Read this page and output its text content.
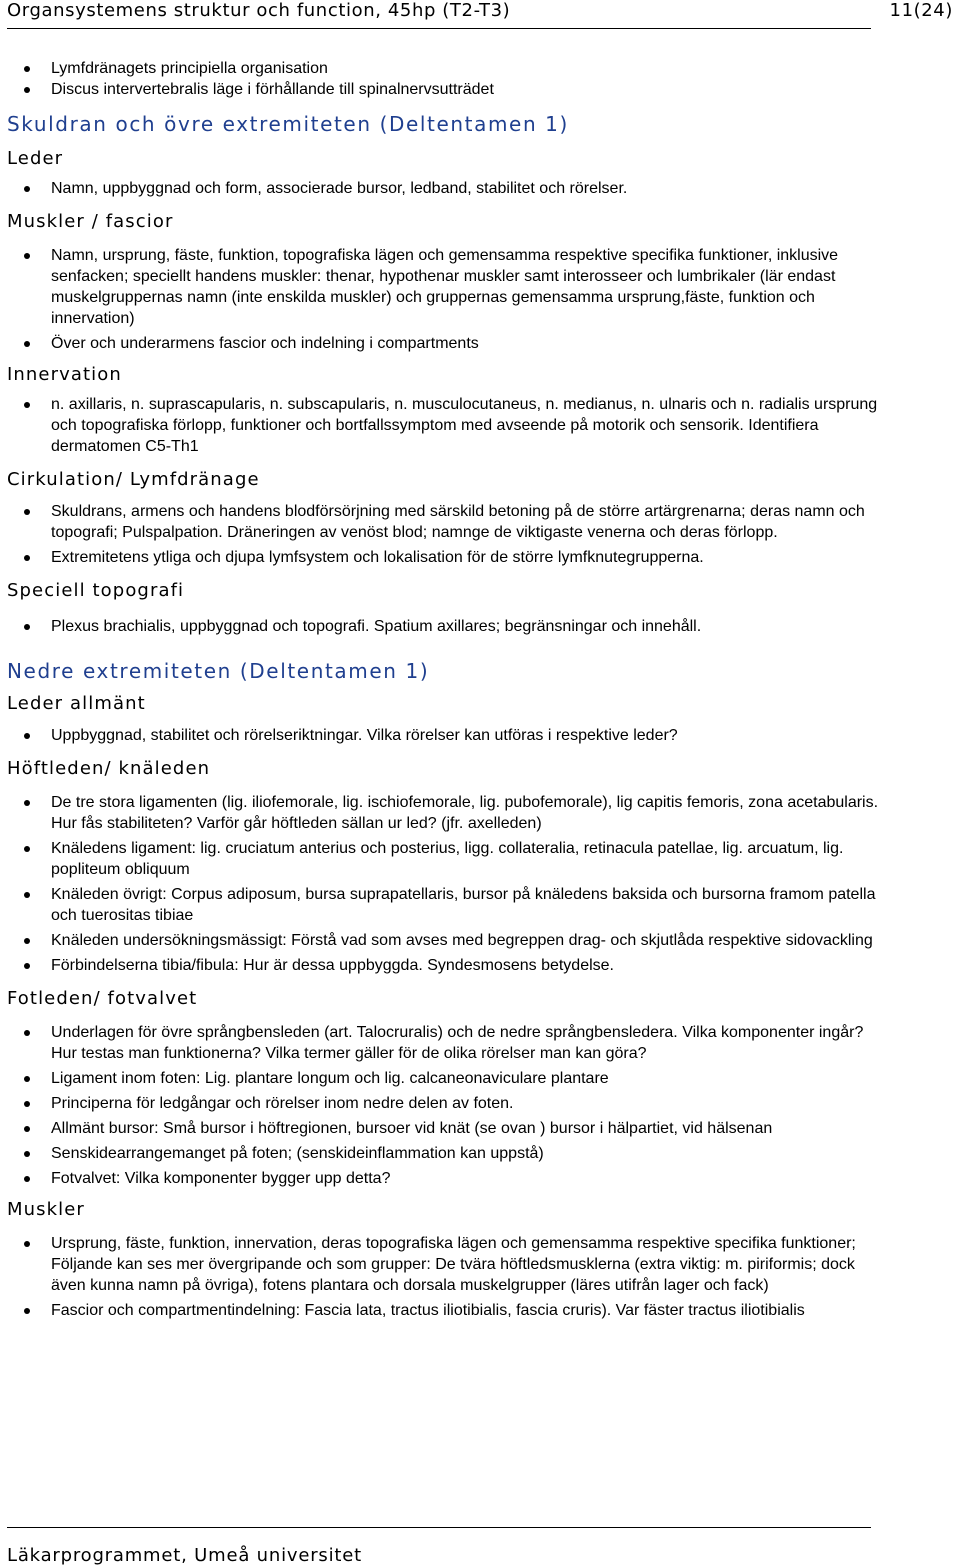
Organsystemens struktur och function, 45hp (T2-T3)	11(24)
Lymfdränagets principiella organisation
Discus intervertebralis läge i förhållande till spinalnervsutträdet
Skuldran och övre extremiteten (Deltentamen 1)
Leder
Namn, uppbyggnad och form, associerade bursor, ledband, stabilitet och rörelser.
Muskler / fascior
Namn, ursprung, fäste, funktion, topografiska lägen och gemensamma respektive specifika funktioner, inklusive senfacken; speciellt handens muskler: thenar, hypothenar muskler samt interosseer och lumbrikaler (lär endast muskelgruppernas namn (inte enskilda muskler) och gruppernas gemensamma ursprung,fäste, funktion och innervation)
Över och underarmens fascior och indelning i compartments
Innervation
n. axillaris, n. suprascapularis, n. subscapularis, n. musculocutaneus, n. medianus, n. ulnaris och n. radialis ursprung och topografiska förlopp, funktioner och bortfallssymptom med avseende på motorik och sensorik. Identifiera dermatomen C5-Th1
Cirkulation/ Lymfdränage
Skuldrans, armens och handens blodförsörjning med särskild betoning på de större artärgrenarna; deras namn och topografi; Pulspalpation. Dräneringen av venöst blod; namnge de viktigaste venerna och deras förlopp.
Extremitetens ytliga och djupa lymfsystem och lokalisation för de större lymfknutegrupperna.
Speciell topografi
Plexus brachialis, uppbyggnad och topografi. Spatium axillares; begränsningar och innehåll.
Nedre extremiteten (Deltentamen 1)
Leder allmänt
Uppbyggnad, stabilitet och rörelseriktningar. Vilka rörelser kan utföras i respektive leder?
Höftleden/ knäleden
De tre stora ligamenten (lig. iliofemorale, lig. ischiofemorale, lig. pubofemorale), lig capitis femoris, zona acetabularis. Hur fås stabiliteten? Varför går höftleden sällan ur led? (jfr. axelleden)
Knäledens ligament: lig. cruciatum anterius och posterius, ligg. collateralia, retinacula patellae, lig. arcuatum, lig. popliteum obliquum
Knäleden övrigt: Corpus adiposum, bursa suprapatellaris, bursor på knäledens baksida och bursorna framom patella och tuerositas tibiae
Knäleden undersökningsmässigt: Förstå vad som avses med begreppen drag- och skjutlåda respektive sidovackling
Förbindelserna tibia/fibula: Hur är dessa uppbyggda. Syndesmosens betydelse.
Fotleden/ fotvalvet
Underlagen för övre språngbensleden (art. Talocruralis) och de nedre språngbensledera. Vilka komponenter ingår? Hur testas man funktionerna? Vilka termer gäller för de olika rörelser man kan göra?
Ligament inom foten: Lig. plantare longum och lig. calcaneonaviculare plantare
Principerna för ledgångar och rörelser inom nedre delen av foten.
Allmänt bursor: Små bursor i höftregionen, bursoer vid knät (se ovan ) bursor i hälpartiet, vid hälsenan
Senskidearrangemanget på foten; (senskideinflammation kan uppstå)
Fotvalvet: Vilka komponenter bygger upp detta?
Muskler
Ursprung, fäste, funktion, innervation, deras topografiska lägen och gemensamma respektive specifika funktioner; Följande kan ses mer övergripande och som grupper: De tvära höftledsmusklerna (extra viktig: m. piriformis; dock även kunna namn på övriga), fotens plantara och dorsala muskelgrupper (läres utifrån lager och fack)
Fascior och compartmentindelning: Fascia lata, tractus iliotibialis, fascia cruris). Var fäster tractus iliotibialis
Läkarprogrammet, Umeå universitet
